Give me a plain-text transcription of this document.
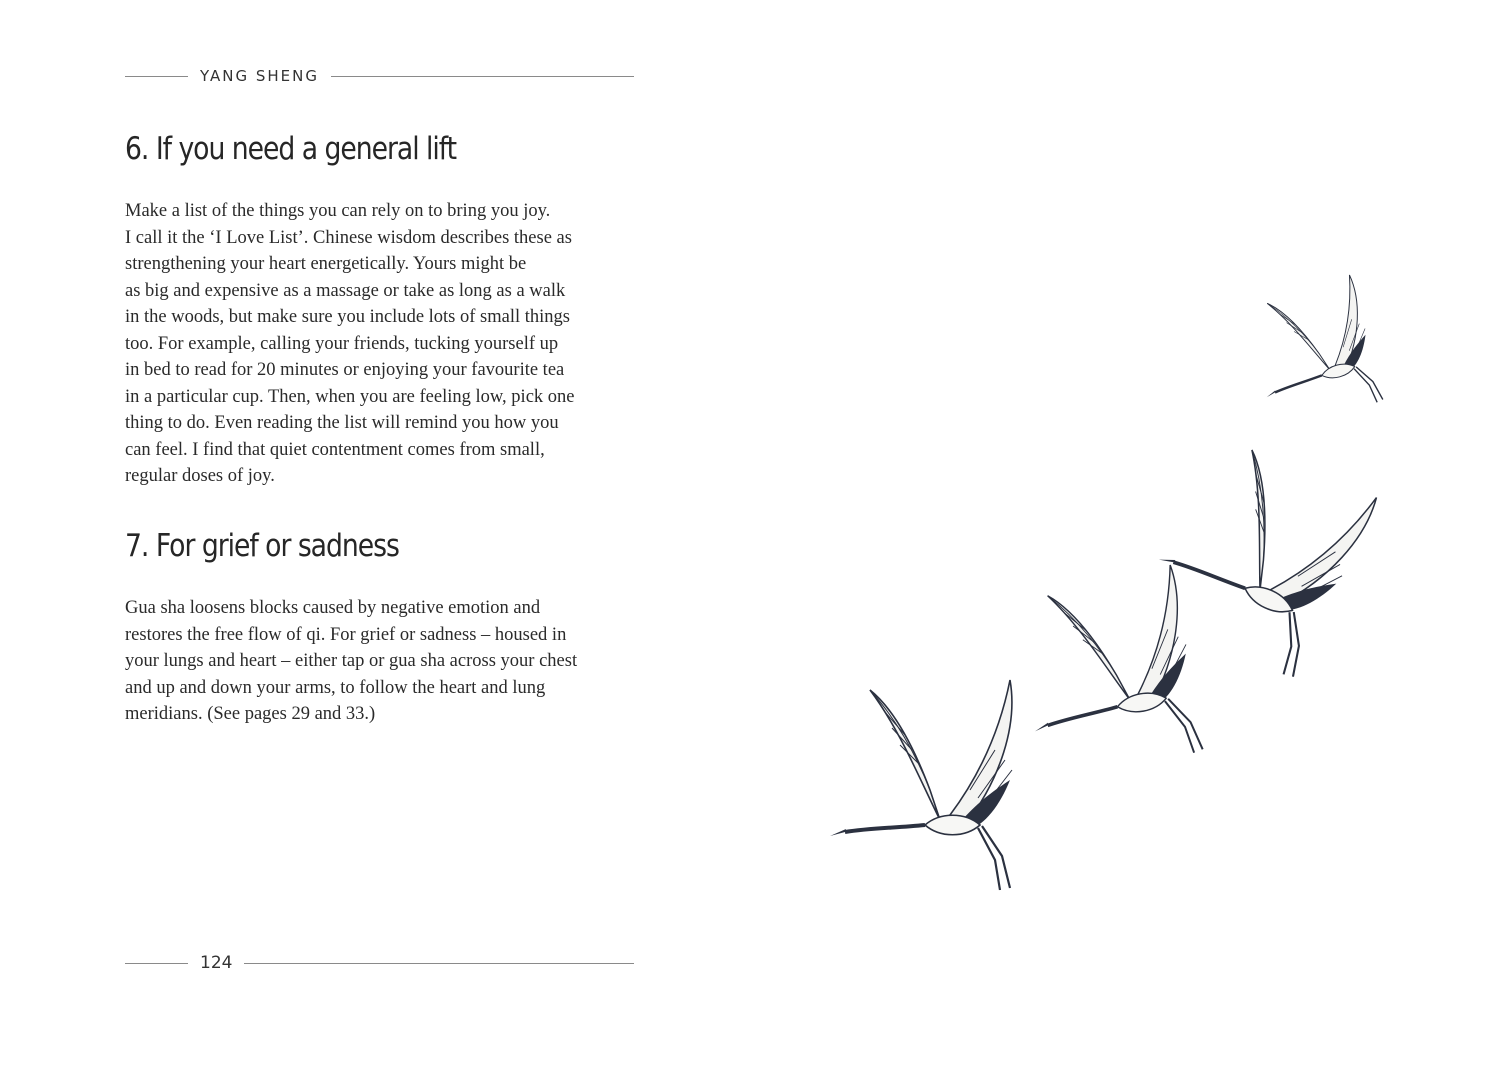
YANG SHENG
6. If you need a general lift
Make a list of the things you can rely on to bring you joy.
I call it the ‘I Love List’. Chinese wisdom describes these as
strengthening your heart energetically. Yours might be
as big and expensive as a massage or take as long as a walk
in the woods, but make sure you include lots of small things
too. For example, calling your friends, tucking yourself up
in bed to read for 20 minutes or enjoying your favourite tea
in a particular cup. Then, when you are feeling low, pick one
thing to do. Even reading the list will remind you how you
can feel. I find that quiet contentment comes from small,
regular doses of joy.
7. For grief or sadness
Gua sha loosens blocks caused by negative emotion and
restores the free flow of qi. For grief or sadness – housed in
your lungs and heart – either tap or gua sha across your chest
and up and down your arms, to follow the heart and lung
meridians. (See pages 29 and 33.)
124
